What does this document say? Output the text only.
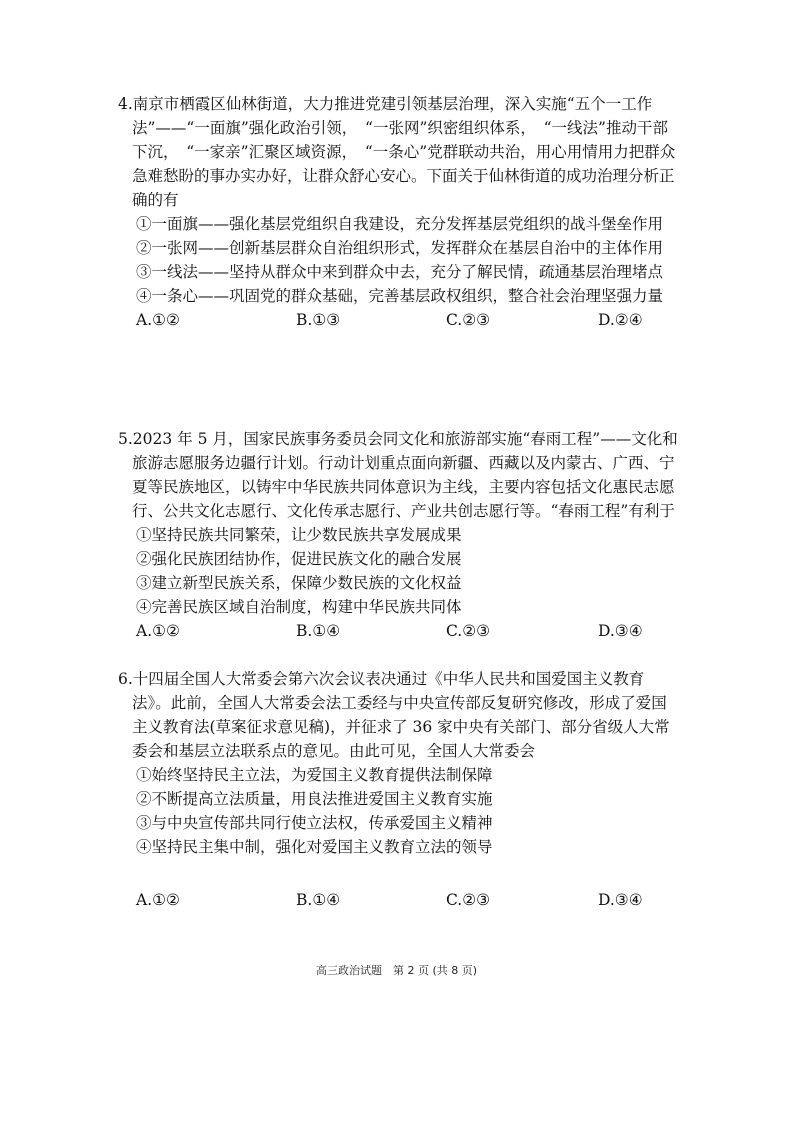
4.南京市栖霞区仙林街道，大力推进党建引领基层治理，深入实施“五个一工作法”——“一面旗”强化政治引领，　“一张网”织密组织体系，　“一线法”推动干部下沉，　“一家亲”汇聚区域资源，　“一条心”党群联动共治，用心用情用力把群众急难愁盼的事办实办好，让群众舒心安心。下面关于仙林街道的成功治理分析正确的有

①一面旗——强化基层党组织自我建设，充分发挥基层党组织的战斗堡垒作用

②一张网——创新基层群众自治组织形式，发挥群众在基层自治中的主体作用

③一线法——坚持从群众中来到群众中去，充分了解民情，疏通基层治理堵点

④一条心——巩固党的群众基础，完善基层政权组织，整合社会治理坚强力量

A.①②	B.①③	C.②③	D.②④

5.2023 年 5 月，国家民族事务委员会同文化和旅游部实施“春雨工程”——文化和旅游志愿服务边疆行计划。行动计划重点面向新疆、西藏以及内蒙古、广西、宁夏等民族地区，以铸牢中华民族共同体意识为主线，主要内容包括文化惠民志愿行、公共文化志愿行、文化传承志愿行、产业共创志愿行等。“春雨工程”有利于

①坚持民族共同繁荣，让少数民族共享发展成果

②强化民族团结协作，促进民族文化的融合发展

③建立新型民族关系，保障少数民族的文化权益

④完善民族区域自治制度，构建中华民族共同体

A.①②	B.①④	C.②③	D.③④

6.十四届全国人大常委会第六次会议表决通过《中华人民共和国爱国主义教育法》。此前，全国人大常委会法工委经与中央宣传部反复研究修改，形成了爱国主义教育法(草案征求意见稿)，并征求了 36 家中央有关部门、部分省级人大常委会和基层立法联系点的意见。由此可见，全国人大常委会

①始终坚持民主立法，为爱国主义教育提供法制保障

②不断提高立法质量，用良法推进爱国主义教育实施

③与中央宣传部共同行使立法权，传承爱国主义精神

④坚持民主集中制，强化对爱国主义教育立法的领导

A.①②	B.①④	C.②③	D.③④
高三政治试题　第 2 页 (共 8 页)
